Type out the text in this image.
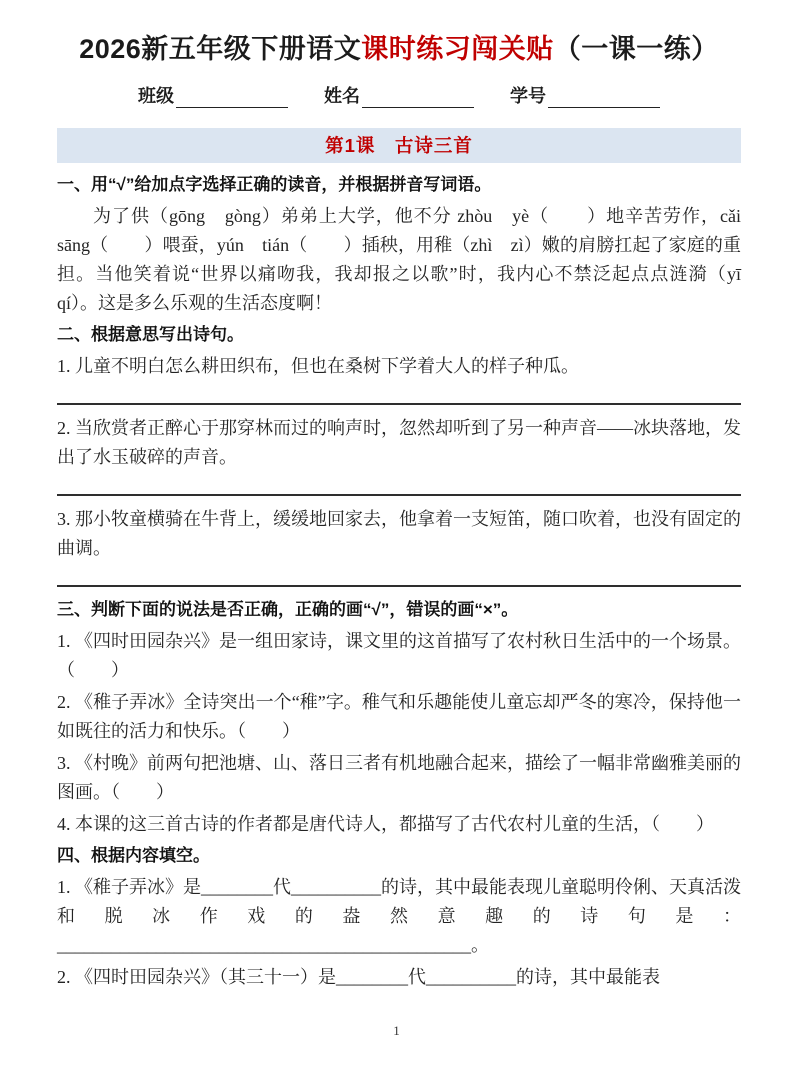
2026新五年级下册语文课时练习闯关贴（一课一练）
班级	姓名	学号
第1课　古诗三首
一、用“√”给加点字选择正确的读音，并根据拼音写词语。

为了供（gōng　gòng）弟弟上大学，他不分 zhòu　yè（　　）地辛苦劳作，cǎi　sāng（　　）喂蚕，yún　tián（　　）插秧，用稚（zhì　zì）嫩的肩膀扛起了家庭的重担。当他笑着说“世界以痛吻我，我却报之以歌”时，我内心不禁泛起点点涟漪（yī　qí）。这是多么乐观的生活态度啊！

二、根据意思写出诗句。

1. 儿童不明白怎么耕田织布，但也在桑树下学着大人的样子种瓜。

2. 当欣赏者正醉心于那穿林而过的响声时，忽然却听到了另一种声音——冰块落地，发出了水玉破碎的声音。

3. 那小牧童横骑在牛背上，缓缓地回家去，他拿着一支短笛，随口吹着，也没有固定的曲调。

三、判断下面的说法是否正确，正确的画“√”，错误的画“×”。

1. 《四时田园杂兴》是一组田家诗，课文里的这首描写了农村秋日生活中的一个场景。（　　）

2. 《稚子弄冰》全诗突出一个“稚”字。稚气和乐趣能使儿童忘却严冬的寒冷，保持他一如既往的活力和快乐。（　　）

3. 《村晚》前两句把池塘、山、落日三者有机地融合起来，描绘了一幅非常幽雅美丽的图画。（　　）

4. 本课的这三首古诗的作者都是唐代诗人，都描写了古代农村儿童的生活，（　　）

四、根据内容填空。

1. 《稚子弄冰》是________代__________的诗，其中最能表现儿童聪明伶俐、天真活泼和脱冰作戏的盎然意趣的诗句是：______________________________________________。

2. 《四时田园杂兴》（其三十一）是________代__________的诗，其中最能表

1
